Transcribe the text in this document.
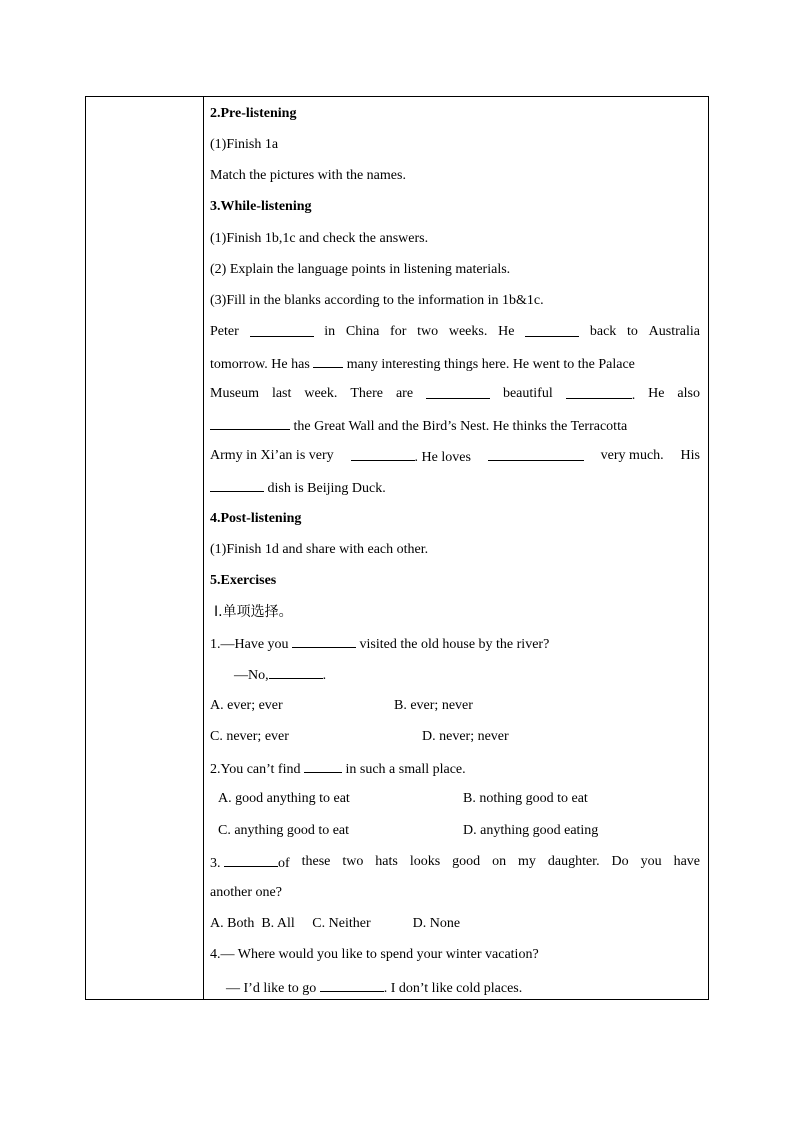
2.Pre-listening
(1)Finish 1a
Match the pictures with the names.
3.While-listening
(1)Finish 1b,1c and check the answers.
(2) Explain the language points in listening materials.
(3)Fill in the blanks according to the information in 1b&1c.
Peter	in China for two weeks. He	back to Australia
tomorrow. He has	many interesting things here. He went to the Palace
Museum last week. There are	beautiful	. He also
the Great Wall and the Bird’s Nest. He thinks the Terracotta
Army in Xi’an is very	. He loves	very much. His
dish is Beijing Duck.
4.Post-listening
(1)Finish 1d and share with each other.
5.Exercises
Ⅰ.单项选择。
1.—Have you	visited the old house by the river?
—No,	.
A. ever; ever	B. ever; never
C. never; ever	D. never; never
2.You can’t find	in such a small place.
A. good anything to eat	B. nothing good to eat
C. anything good to eat	D. anything good eating
3.	of these two hats looks good on my daughter. Do you have
another one?
A. Both  B. All     C. Neither            D. None
4.— Where would you like to spend your winter vacation?
— I’d like to go	. I don’t like cold places.
